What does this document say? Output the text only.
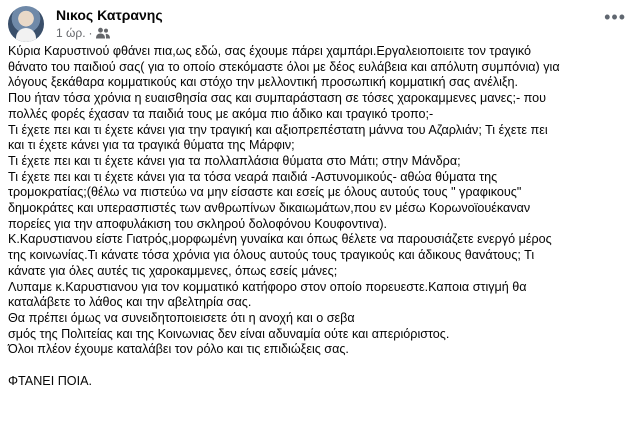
Νικος Κατρανης
1 ώρ. ·
•••

Κύρια Καρυστινού φθάνει πια,ως εδώ, σας έχουμε πάρει χαμπάρι.Εργαλειοποιειτε τον τραγικό

θάνατο του παιδιού σας( για το οποίο στεκόμαστε όλοι με δέος ευλάβεια και απόλυτη συμπόνια) για

λόγους ξεκάθαρα κομματικούς και στόχο την μελλοντική προσωπική κομματική σας ανέλιξη.

Που ήταν τόσα χρόνια η ευαισθησία σας και συμπαράσταση σε τόσες χαροκαμμενες μανες;- που

πολλές φορές έχασαν τα παιδιά τους με ακόμα πιο άδικο και τραγικό τροπο;-

Τι έχετε πει και τι έχετε κάνει για την τραγική και αξιοπρεπέστατη μάννα του Αζαρλιάν; Τι έχετε πει

και τι έχετε κάνει για τα τραγικά θύματα της Μάρφιν;

Τι έχετε πει και τι έχετε κάνει για τα πολλαπλάσια θύματα στο Μάτι; στην Μάνδρα;

Τι έχετε πει και τι έχετε κάνει για τα τόσα νεαρά παιδιά -Αστυνομικούς- αθώα θύματα της

τρομοκρατίας;(θέλω να πιστεύω να μην είσαστε και εσείς με όλους αυτούς τους " γραφικους"

δημοκράτες και υπερασπιστές των ανθρωπίνων δικαιωμάτων,που εν μέσω Κορωνοϊουέκαναν

πορείες για την αποφυλάκιση του σκληρού δολοφόνου Κουφοντινα).

Κ.Καρυστιανου είστε Γιατρός,μορφωμένη γυναίκα και όπως θέλετε να παρουσιάζετε ενεργό μέρος

της κοινωνίας.Τι κάνατε τόσα χρόνια για όλους αυτούς τους τραγικούς και άδικους θανάτους; Τι

κάνατε για όλες αυτές τις χαροκαμμενες, όπως εσείς μάνες;

Λυπαμε κ.Καρυστιανου για τον κομματικό κατήφορο στον οποίο πορευεστε.Καποια στιγμή θα

καταλάβετε το λάθος και την αβελτηρία σας.

Θα πρέπει όμως να συνειδητοποιεισετε ότι η ανοχή και ο σεβα

σμός της Πολιτείας και της Κοινωνιας δεν είναι αδυναμία ούτε και απεριόριστος.

Όλοι πλέον έχουμε καταλάβει τον ρόλο και τις επιδιώξεις σας.

ΦΤΑΝΕΙ ΠΟΙΑ.
